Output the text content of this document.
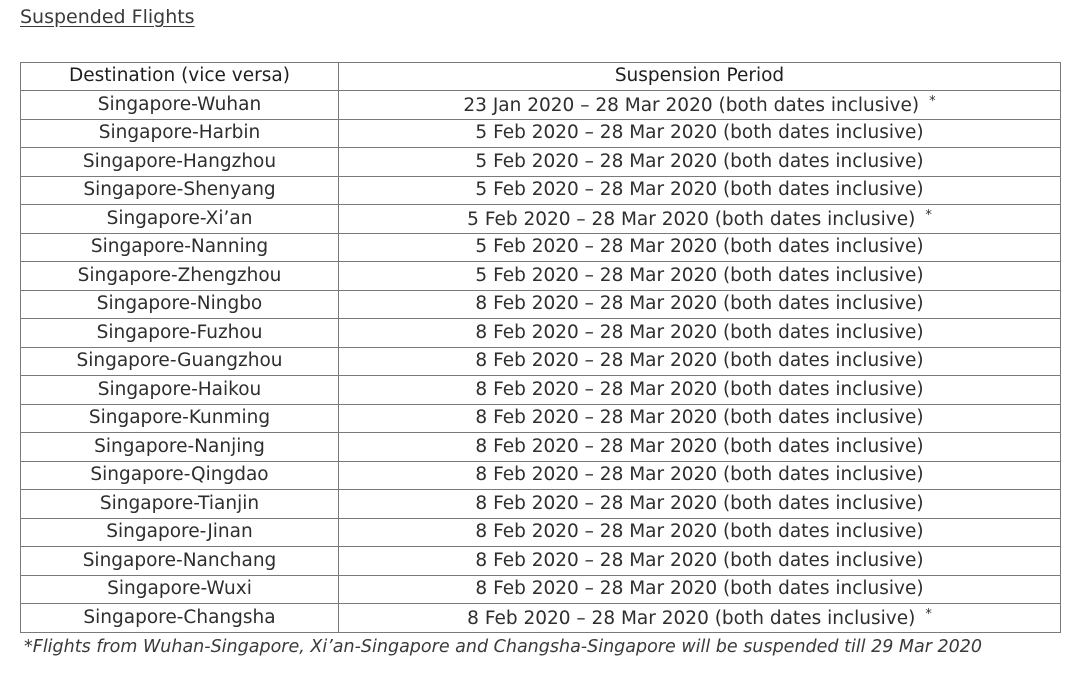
Suspended Flights
Destination (vice versa)	Suspension Period
Singapore-Wuhan	23 Jan 2020 – 28 Mar 2020 (both dates inclusive) *
Singapore-Harbin	5 Feb 2020 – 28 Mar 2020 (both dates inclusive)
Singapore-Hangzhou	5 Feb 2020 – 28 Mar 2020 (both dates inclusive)
Singapore-Shenyang	5 Feb 2020 – 28 Mar 2020 (both dates inclusive)
Singapore-Xi’an	5 Feb 2020 – 28 Mar 2020 (both dates inclusive) *
Singapore-Nanning	5 Feb 2020 – 28 Mar 2020 (both dates inclusive)
Singapore-Zhengzhou	5 Feb 2020 – 28 Mar 2020 (both dates inclusive)
Singapore-Ningbo	8 Feb 2020 – 28 Mar 2020 (both dates inclusive)
Singapore-Fuzhou	8 Feb 2020 – 28 Mar 2020 (both dates inclusive)
Singapore-Guangzhou	8 Feb 2020 – 28 Mar 2020 (both dates inclusive)
Singapore-Haikou	8 Feb 2020 – 28 Mar 2020 (both dates inclusive)
Singapore-Kunming	8 Feb 2020 – 28 Mar 2020 (both dates inclusive)
Singapore-Nanjing	8 Feb 2020 – 28 Mar 2020 (both dates inclusive)
Singapore-Qingdao	8 Feb 2020 – 28 Mar 2020 (both dates inclusive)
Singapore-Tianjin	8 Feb 2020 – 28 Mar 2020 (both dates inclusive)
Singapore-Jinan	8 Feb 2020 – 28 Mar 2020 (both dates inclusive)
Singapore-Nanchang	8 Feb 2020 – 28 Mar 2020 (both dates inclusive)
Singapore-Wuxi	8 Feb 2020 – 28 Mar 2020 (both dates inclusive)
Singapore-Changsha	8 Feb 2020 – 28 Mar 2020 (both dates inclusive) *
*Flights from Wuhan-Singapore, Xi’an-Singapore and Changsha-Singapore will be suspended till 29 Mar 2020
